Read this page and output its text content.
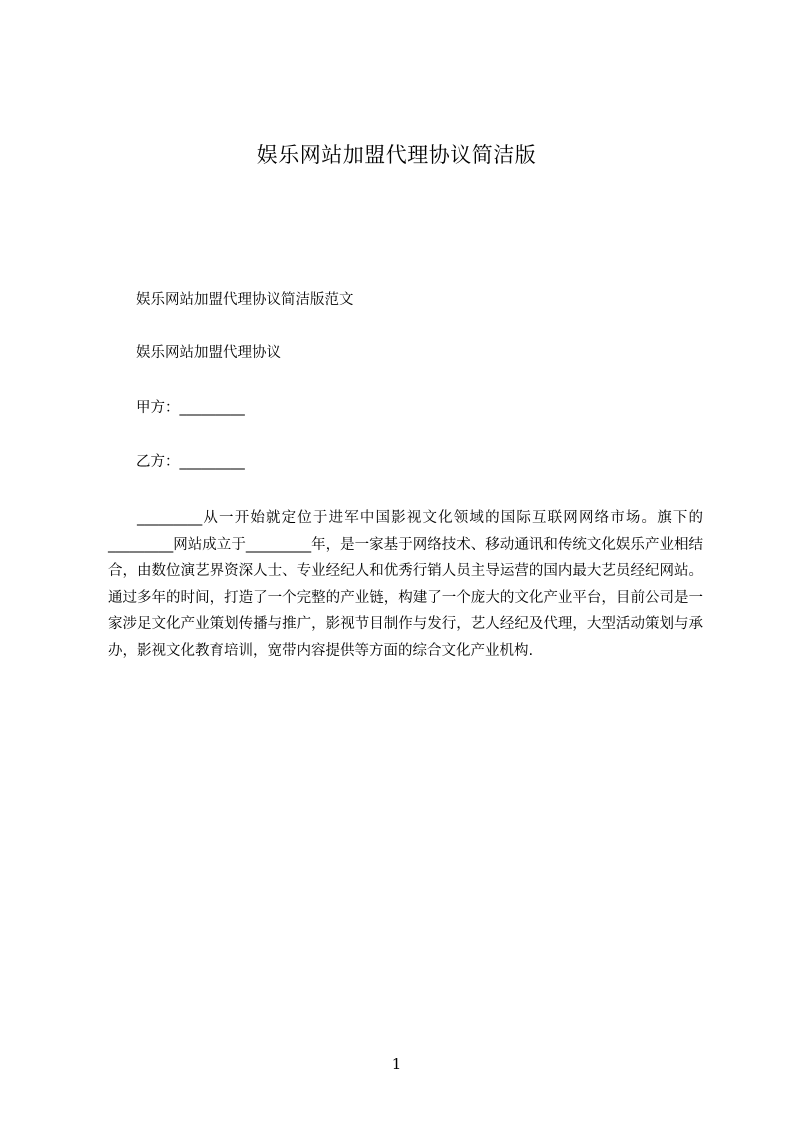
娱乐网站加盟代理协议简洁版
娱乐网站加盟代理协议简洁版范文
娱乐网站加盟代理协议
甲方：_________
乙方：_________
_________从一开始就定位于进军中国影视文化领域的国际互联网网络市场。旗下的_________网站成立于_________年，是一家基于网络技术、移动通讯和传统文化娱乐产业相结合，由数位演艺界资深人士、专业经纪人和优秀行销人员主导运营的国内最大艺员经纪网站。通过多年的时间，打造了一个完整的产业链，构建了一个庞大的文化产业平台，目前公司是一家涉足文化产业策划传播与推广，影视节目制作与发行，艺人经纪及代理，大型活动策划与承办，影视文化教育培训，宽带内容提供等方面的综合文化产业机构.
1
